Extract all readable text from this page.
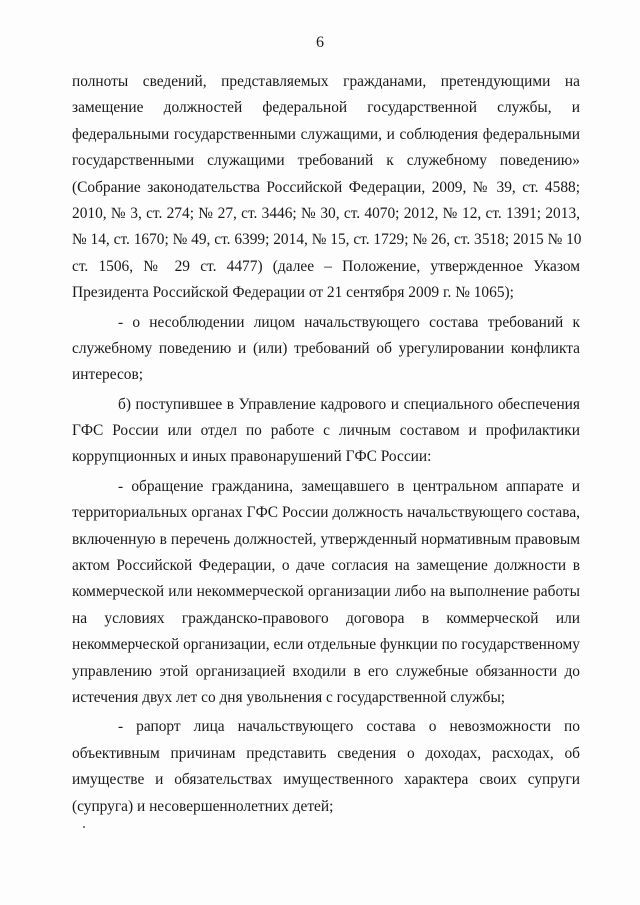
6
полноты сведений, представляемых гражданами, претендующими на
замещение должностей федеральной государственной службы, и
федеральными государственными служащими, и соблюдения федеральными
государственными служащими требований к служебному поведению»
(Собрание законодательства Российской Федерации, 2009, № 39, ст. 4588;
2010, № 3, ст. 274; № 27, ст. 3446; № 30, ст. 4070; 2012, № 12, ст. 1391; 2013,
№ 14, ст. 1670; № 49, ст. 6399; 2014, № 15, ст. 1729; № 26, ст. 3518; 2015 № 10
ст. 1506, № 29 ст. 4477) (далее – Положение, утвержденное Указом
Президента Российской Федерации от 21 сентября 2009 г. № 1065);
- о несоблюдении лицом начальствующего состава требований к
служебному поведению и (или) требований об урегулировании конфликта
интересов;
б) поступившее в Управление кадрового и специального обеспечения
ГФС России или отдел по работе с личным составом и профилактики
коррупционных и иных правонарушений ГФС России:
- обращение гражданина, замещавшего в центральном аппарате и
территориальных органах ГФС России должность начальствующего состава,
включенную в перечень должностей, утвержденный нормативным правовым
актом Российской Федерации, о даче согласия на замещение должности в
коммерческой или некоммерческой организации либо на выполнение работы
на условиях гражданско-правового договора в коммерческой или
некоммерческой организации, если отдельные функции по государственному
управлению этой организацией входили в его служебные обязанности до
истечения двух лет со дня увольнения с государственной службы;
- рапорт лица начальствующего состава о невозможности по
объективным причинам представить сведения о доходах, расходах, об
имуществе и обязательствах имущественного характера своих супруги
(супруга) и несовершеннолетних детей;
